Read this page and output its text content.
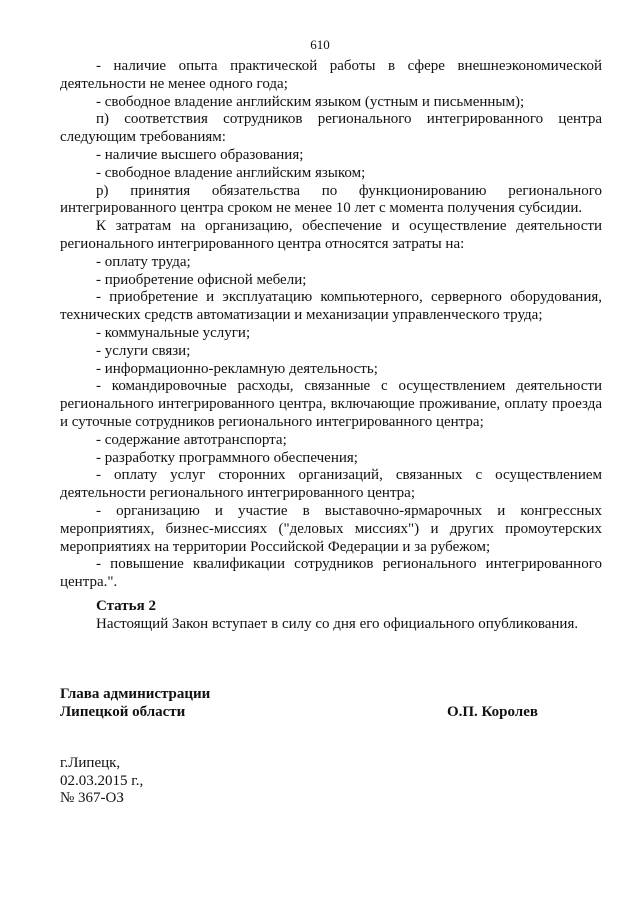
610

- наличие опыта практической работы в сфере внешнеэкономической деятельности не менее одного года;

- свободное владение английским языком (устным и письменным);

п) соответствия сотрудников регионального интегрированного центра следующим требованиям:

- наличие высшего образования;

- свободное владение английским языком;

р) принятия обязательства по функционированию регионального интегрированного центра сроком не менее 10 лет с момента получения субсидии.

К затратам на организацию, обеспечение и осуществление деятельности регионального интегрированного центра относятся затраты на:

- оплату труда;

- приобретение офисной мебели;

- приобретение и эксплуатацию компьютерного, серверного оборудования, технических средств автоматизации и механизации управленческого труда;

- коммунальные услуги;

- услуги связи;

- информационно-рекламную деятельность;

- командировочные расходы, связанные с осуществлением деятельности регионального интегрированного центра, включающие проживание, оплату проезда и суточные сотрудников регионального интегрированного центра;

- содержание автотранспорта;

- разработку программного обеспечения;

- оплату услуг сторонних организаций, связанных с осуществлением деятельности регионального интегрированного центра;

- организацию и участие в выставочно-ярмарочных и конгрессных мероприятиях, бизнес-миссиях ("деловых миссиях") и других промоутерских мероприятиях на территории Российской Федерации и за рубежом;

- повышение квалификации сотрудников регионального интегрированного центра.".

Статья 2
Настоящий Закон вступает в силу со дня его официального опубликования.
Глава администрации
Липецкой области	О.П. Королев
г.Липецк,
02.03.2015 г.,
№ 367-ОЗ
